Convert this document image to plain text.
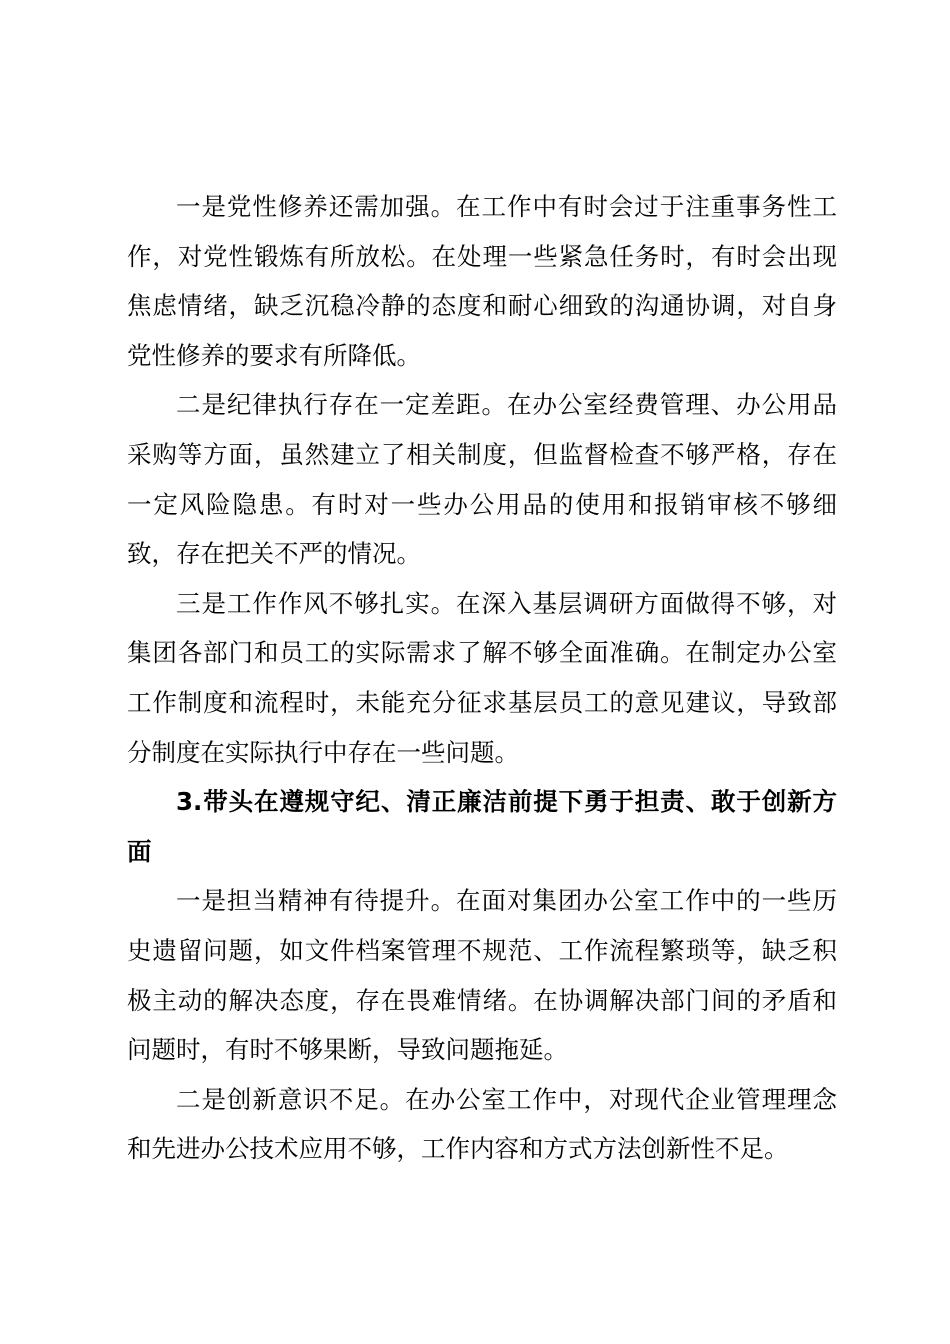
一是党性修养还需加强。在工作中有时会过于注重事务性工作，对党性锻炼有所放松。在处理一些紧急任务时，有时会出现焦虑情绪，缺乏沉稳冷静的态度和耐心细致的沟通协调，对自身党性修养的要求有所降低。

二是纪律执行存在一定差距。在办公室经费管理、办公用品采购等方面，虽然建立了相关制度，但监督检查不够严格，存在一定风险隐患。有时对一些办公用品的使用和报销审核不够细致，存在把关不严的情况。

三是工作作风不够扎实。在深入基层调研方面做得不够，对集团各部门和员工的实际需求了解不够全面准确。在制定办公室工作制度和流程时，未能充分征求基层员工的意见建议，导致部分制度在实际执行中存在一些问题。

3.带头在遵规守纪、清正廉洁前提下勇于担责、敢于创新方面

一是担当精神有待提升。在面对集团办公室工作中的一些历史遗留问题，如文件档案管理不规范、工作流程繁琐等，缺乏积极主动的解决态度，存在畏难情绪。在协调解决部门间的矛盾和问题时，有时不够果断，导致问题拖延。

二是创新意识不足。在办公室工作中，对现代企业管理理念和先进办公技术应用不够，工作内容和方式方法创新性不足。
